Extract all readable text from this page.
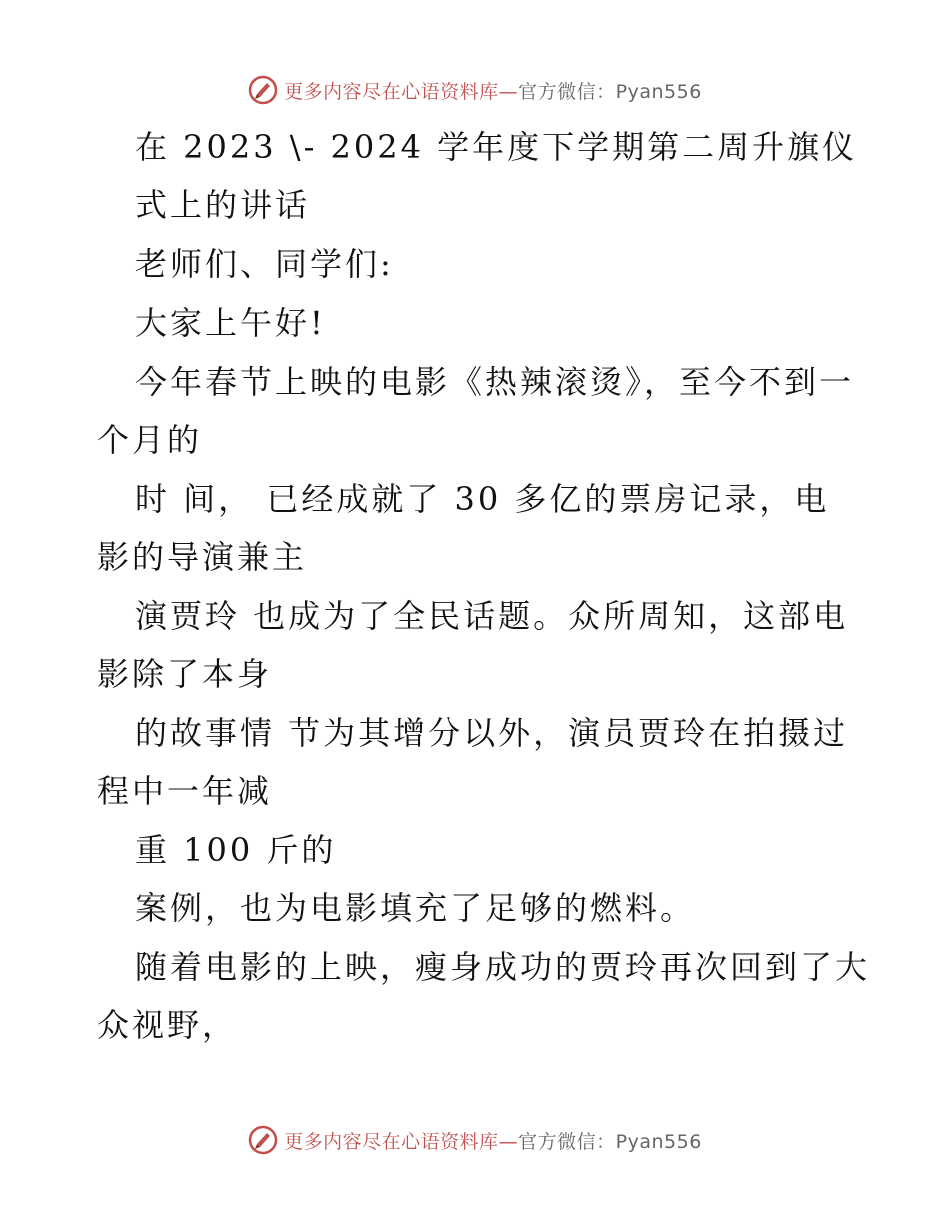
更多内容尽在心语资料库—官方微信：Pyan556
在 2023 \- 2024 学年度下学期第二周升旗仪
式上的讲话
老师们、同学们:
大家上午好!
今年春节上映的电影《热辣滚烫》，至今不到一
个月的
时 间， 已经成就了 30 多亿的票房记录，电
影的导演兼主
演贾玲 也成为了全民话题。众所周知，这部电
影除了本身
的故事情 节为其增分以外，演员贾玲在拍摄过
程中一年减
重 100 斤的
案例，也为电影填充了足够的燃料。
随着电影的上映，瘦身成功的贾玲再次回到了大
众视野，
更多内容尽在心语资料库—官方微信：Pyan556
